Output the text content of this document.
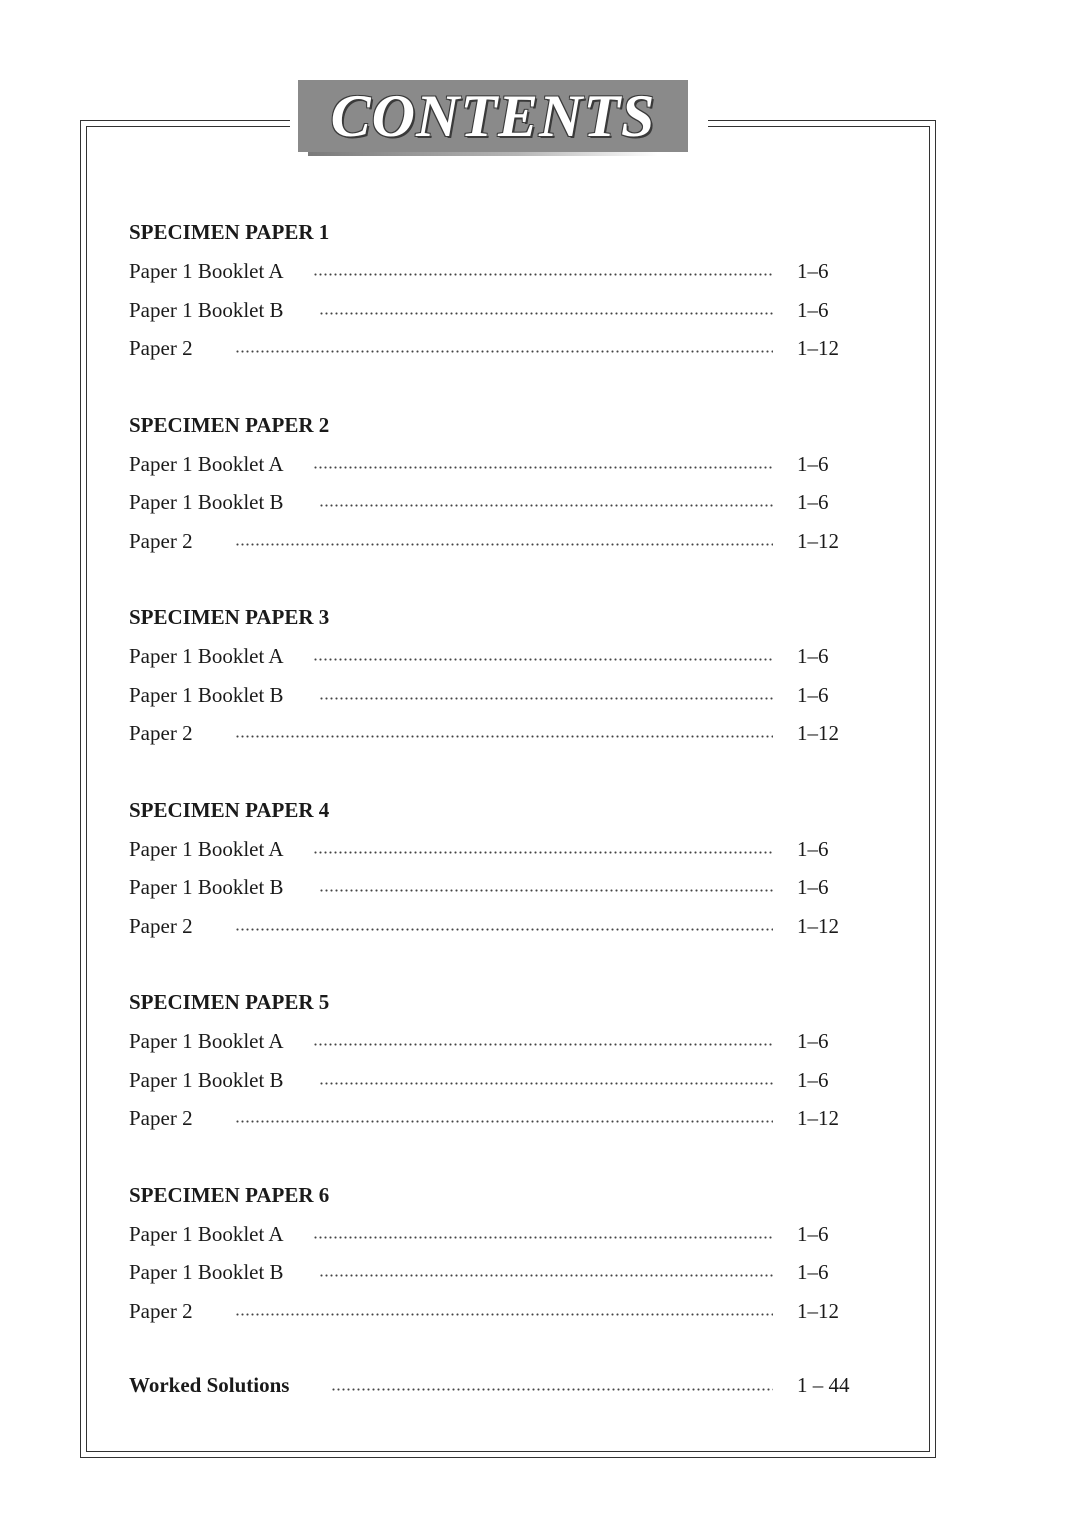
CONTENTS
SPECIMEN PAPER 1
Paper 1 Booklet A	1–6
Paper 1 Booklet B	1–6
Paper 2	1–12
SPECIMEN PAPER 2
Paper 1 Booklet A	1–6
Paper 1 Booklet B	1–6
Paper 2	1–12
SPECIMEN PAPER 3
Paper 1 Booklet A	1–6
Paper 1 Booklet B	1–6
Paper 2	1–12
SPECIMEN PAPER 4
Paper 1 Booklet A	1–6
Paper 1 Booklet B	1–6
Paper 2	1–12
SPECIMEN PAPER 5
Paper 1 Booklet A	1–6
Paper 1 Booklet B	1–6
Paper 2	1–12
SPECIMEN PAPER 6
Paper 1 Booklet A	1–6
Paper 1 Booklet B	1–6
Paper 2	1–12
Worked Solutions	1 – 44
